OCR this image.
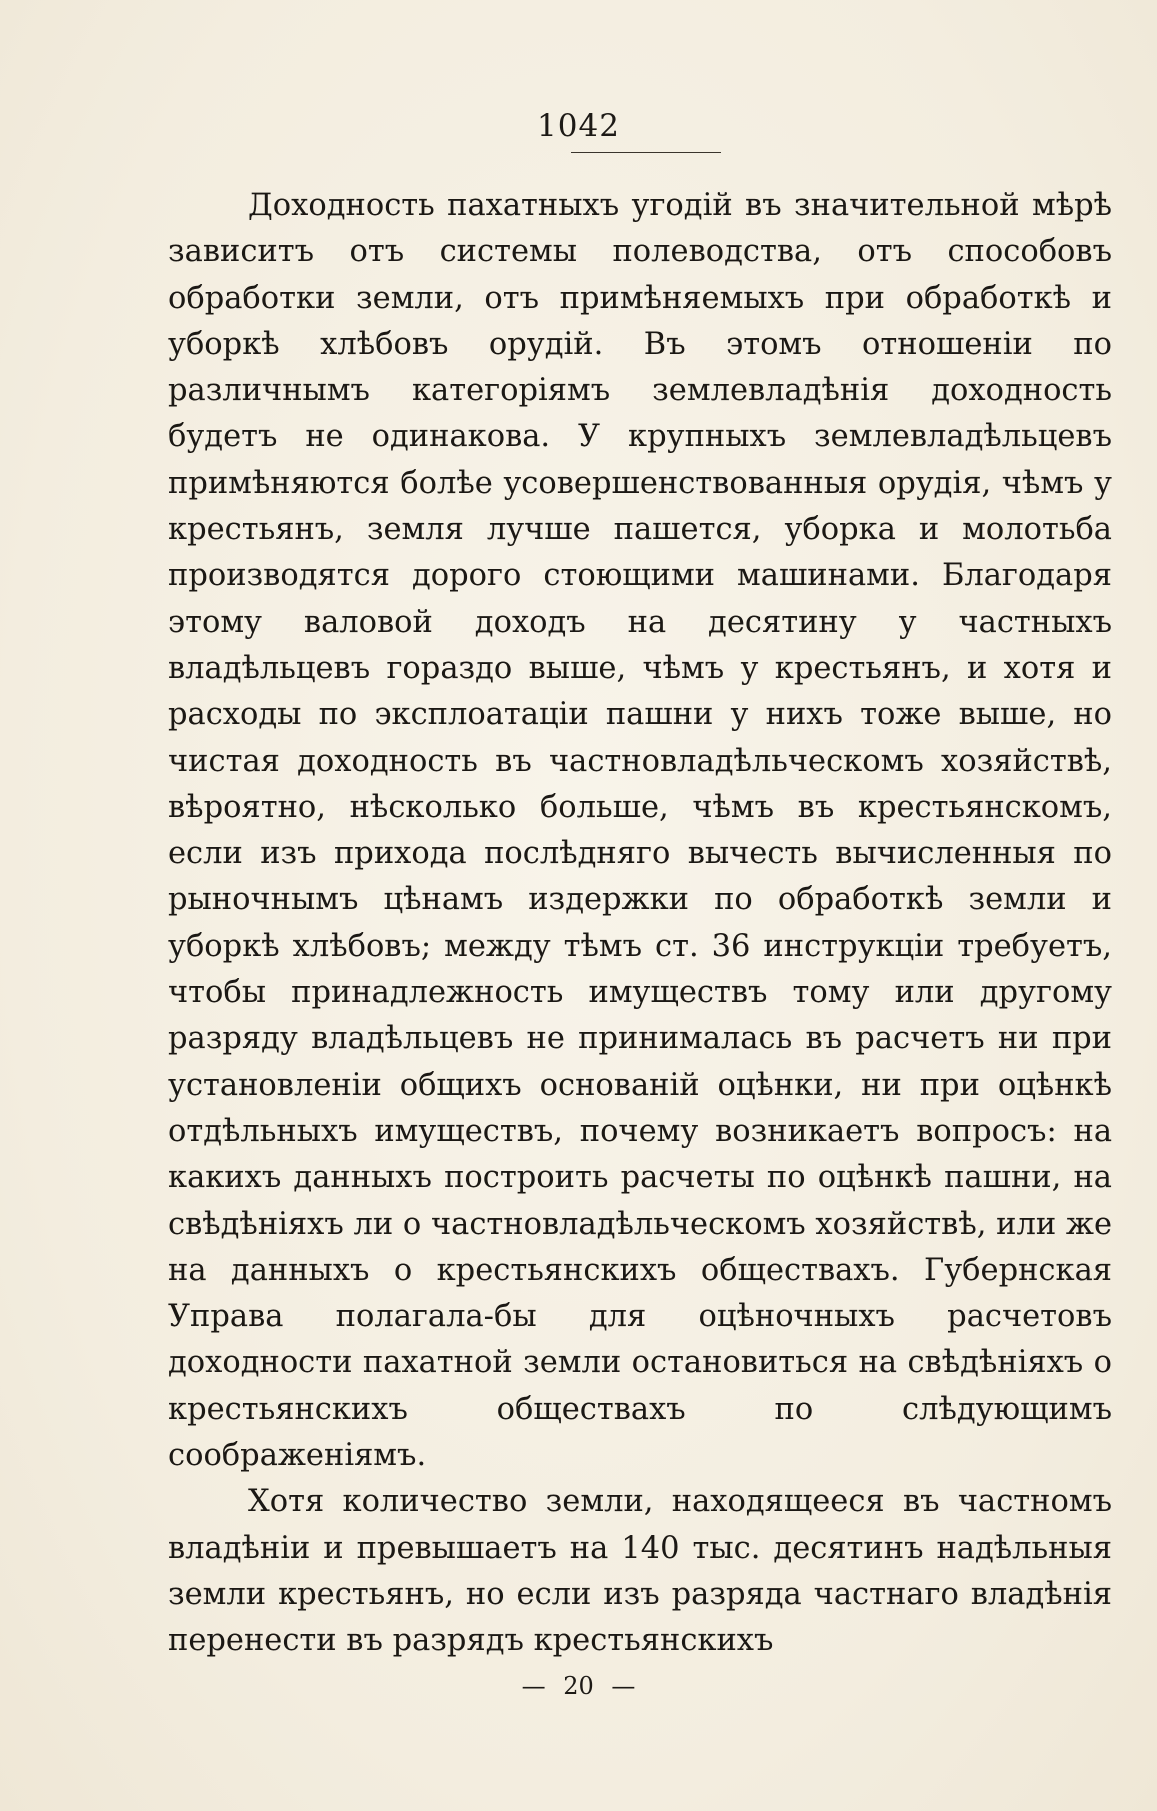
1042

Доходность пахатныхъ угодій въ значительной мѣрѣ зависитъ отъ системы полеводства, отъ способовъ обработки земли, отъ примѣняемыхъ при обработкѣ и уборкѣ хлѣбовъ орудій. Въ этомъ отношеніи по различнымъ категоріямъ землевладѣнія доходность будетъ не одинакова. У крупныхъ землевладѣльцевъ примѣняются болѣе усовершенствованныя орудія, чѣмъ у крестьянъ, земля лучше пашется, уборка и молотьба производятся дорого стоющими машинами. Благодаря этому валовой доходъ на десятину у частныхъ владѣльцевъ гораздо выше, чѣмъ у крестьянъ, и хотя и расходы по эксплоатаціи пашни у нихъ тоже выше, но чистая доходность въ частновладѣльческомъ хозяйствѣ, вѣроятно, нѣсколько больше, чѣмъ въ крестьянскомъ, если изъ прихода послѣдняго вычесть вычисленныя по рыночнымъ цѣнамъ издержки по обработкѣ земли и уборкѣ хлѣбовъ; между тѣмъ ст. 36 инструкціи требуетъ, чтобы принадлежность имуществъ тому или другому разряду владѣльцевъ не принималась въ расчетъ ни при установленіи общихъ основаній оцѣнки, ни при оцѣнкѣ отдѣльныхъ имуществъ, почему возникаетъ вопросъ: на какихъ данныхъ построить расчеты по оцѣнкѣ пашни, на свѣдѣніяхъ ли о частновладѣльческомъ хозяйствѣ, или же на данныхъ о крестьянскихъ обществахъ. Губернская Управа полагала-бы для оцѣночныхъ расчетовъ доходности пахатной земли остановиться на свѣдѣніяхъ о крестьянскихъ обществахъ по слѣдующимъ соображеніямъ.

Хотя количество земли, находящееся въ частномъ владѣніи и превышаетъ на 140 тыс. десятинъ надѣльныя земли крестьянъ, но если изъ разряда частнаго владѣнія перенести въ разрядъ крестьянскихъ

— 20 —
